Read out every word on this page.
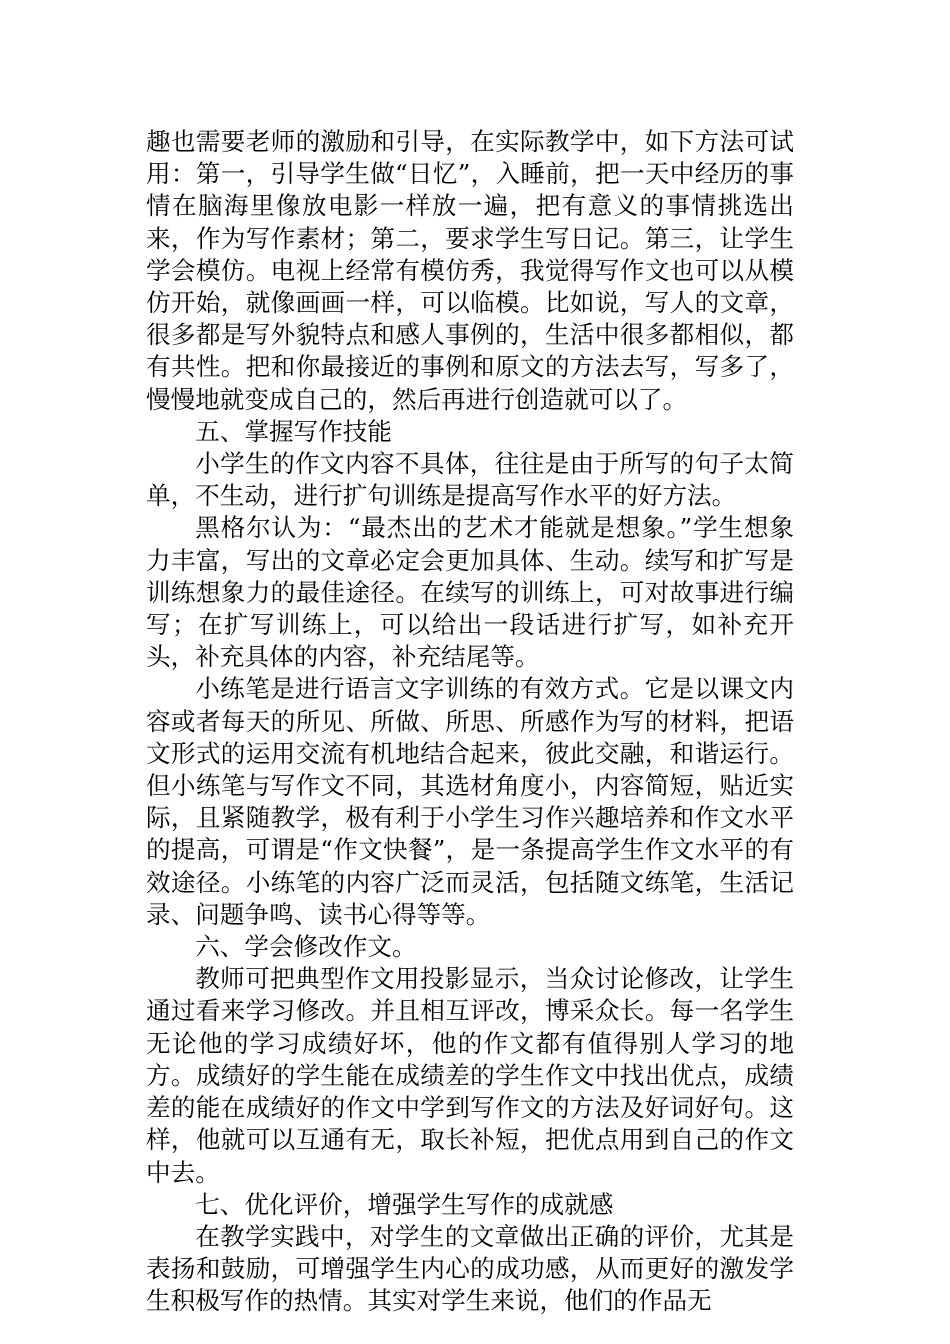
趣也需要老师的激励和引导，在实际教学中，如下方法可试用：第一，引导学生做“日忆”，入睡前，把一天中经历的事情在脑海里像放电影一样放一遍，把有意义的事情挑选出来，作为写作素材；第二，要求学生写日记。第三，让学生学会模仿。电视上经常有模仿秀，我觉得写作文也可以从模仿开始，就像画画一样，可以临模。比如说，写人的文章，很多都是写外貌特点和感人事例的，生活中很多都相似，都有共性。把和你最接近的事例和原文的方法去写，写多了，慢慢地就变成自己的，然后再进行创造就可以了。

五、掌握写作技能

小学生的作文内容不具体，往往是由于所写的句子太简单，不生动，进行扩句训练是提高写作水平的好方法。

黑格尔认为：“最杰出的艺术才能就是想象。”学生想象力丰富，写出的文章必定会更加具体、生动。续写和扩写是训练想象力的最佳途径。在续写的训练上，可对故事进行编写；在扩写训练上，可以给出一段话进行扩写，如补充开头，补充具体的内容，补充结尾等。

小练笔是进行语言文字训练的有效方式。它是以课文内容或者每天的所见、所做、所思、所感作为写的材料，把语文形式的运用交流有机地结合起来，彼此交融，和谐运行。但小练笔与写作文不同，其选材角度小，内容简短，贴近实际，且紧随教学，极有利于小学生习作兴趣培养和作文水平的提高，可谓是“作文快餐”，是一条提高学生作文水平的有效途径。小练笔的内容广泛而灵活，包括随文练笔，生活记录、问题争鸣、读书心得等等。

六、学会修改作文。

教师可把典型作文用投影显示，当众讨论修改，让学生通过看来学习修改。并且相互评改，博采众长。每一名学生无论他的学习成绩好坏，他的作文都有值得别人学习的地方。成绩好的学生能在成绩差的学生作文中找出优点，成绩差的能在成绩好的作文中学到写作文的方法及好词好句。这样，他就可以互通有无，取长补短，把优点用到自己的作文中去。

七、优化评价，增强学生写作的成就感

在教学实践中，对学生的文章做出正确的评价，尤其是表扬和鼓励，可增强学生内心的成功感，从而更好的激发学生积极写作的热情。其实对学生来说，他们的作品无
